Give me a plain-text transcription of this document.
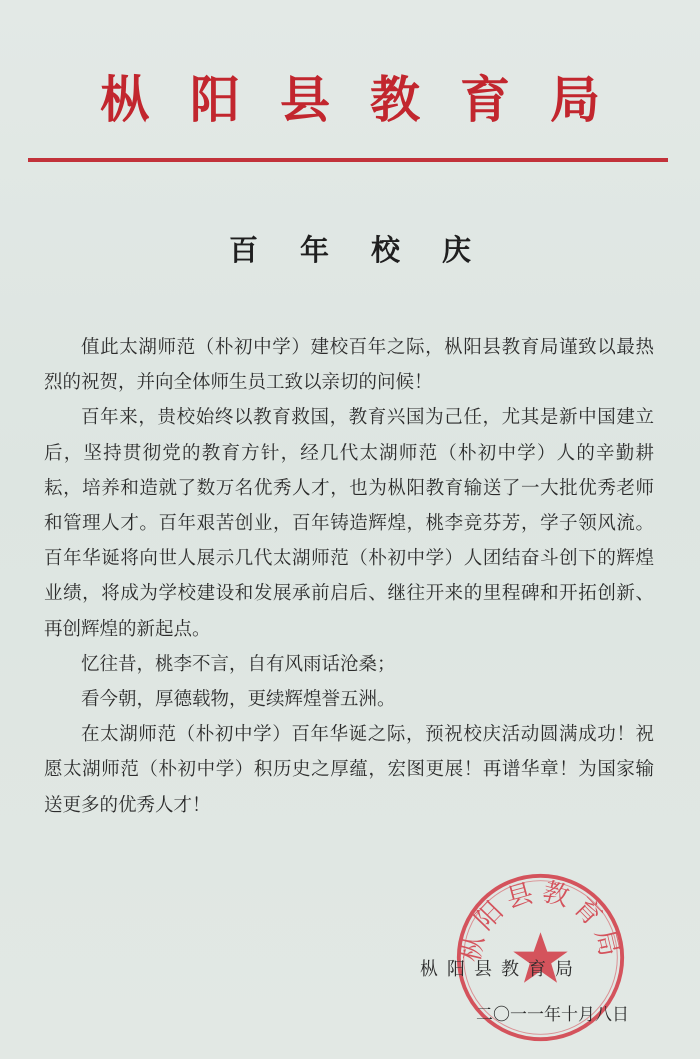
枞阳县教育局
百年校庆

值此太湖师范（朴初中学）建校百年之际，枞阳县教育局谨致以最热烈的祝贺，并向全体师生员工致以亲切的问候！

百年来，贵校始终以教育救国，教育兴国为己任，尤其是新中国建立后，坚持贯彻党的教育方针，经几代太湖师范（朴初中学）人的辛勤耕耘，培养和造就了数万名优秀人才，也为枞阳教育输送了一大批优秀老师和管理人才。百年艰苦创业，百年铸造辉煌，桃李竞芬芳，学子领风流。百年华诞将向世人展示几代太湖师范（朴初中学）人团结奋斗创下的辉煌业绩，将成为学校建设和发展承前启后、继往开来的里程碑和开拓创新、再创辉煌的新起点。

忆往昔，桃李不言，自有风雨话沧桑；

看今朝，厚德载物，更续辉煌誉五洲。

在太湖师范（朴初中学）百年华诞之际，预祝校庆活动圆满成功！祝愿太湖师范（朴初中学）积历史之厚蕴，宏图更展！再谱华章！为国家输送更多的优秀人才！

枞阳县教育局
枞阳县教育局
二〇一一年十月八日
